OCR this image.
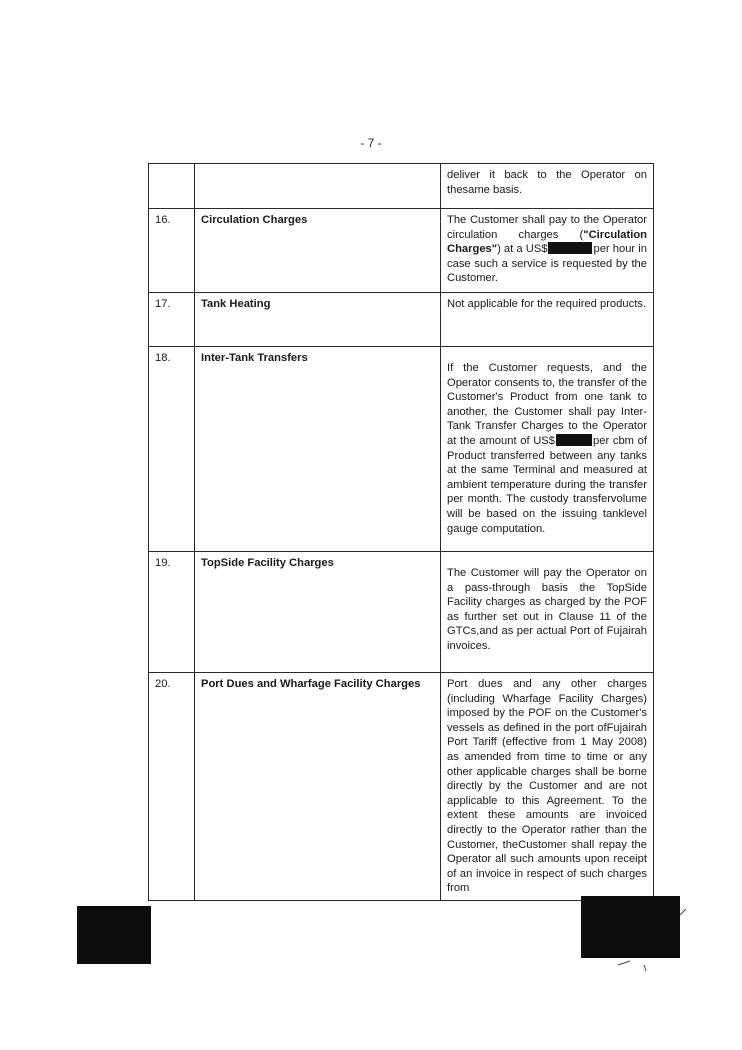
- 7 -
		deliver it back to the Operator on thesame basis.
16.	Circulation Charges	The Customer shall pay to the Operator circulation charges ("Circulation Charges") at a US$ per hour in case such a service is requested by the Customer.
17.	Tank Heating	Not applicable for the required products.
18.	Inter-Tank Transfers	If the Customer requests, and the Operator consents to, the transfer of the Customer's Product from one tank to another, the Customer shall pay Inter-Tank Transfer Charges to the Operator at the amount of US$ per cbm of Product transferred between any tanks at the same Terminal and measured at ambient temperature during the transfer per month. The custody transfervolume will be based on the issuing tanklevel gauge computation.
19.	TopSide Facility Charges	The Customer will pay the Operator on a pass-through basis the TopSide Facility charges as charged by the POF as further set out in Clause 11 of the GTCs,and as per actual Port of Fujairah invoices.
20.	Port Dues and Wharfage Facility Charges	Port dues and any other charges (including Wharfage Facility Charges) imposed by the POF on the Customer's vessels as defined in the port ofFujairah Port Tariff (effective from 1 May 2008) as amended from time to time or any other applicable charges shall be borne directly by the Customer and are not applicable to this Agreement. To the extent these amounts are invoiced directly to the Operator rather than the Customer, theCustomer shall repay the Operator all such amounts upon receipt of an invoice in respect of such charges from
